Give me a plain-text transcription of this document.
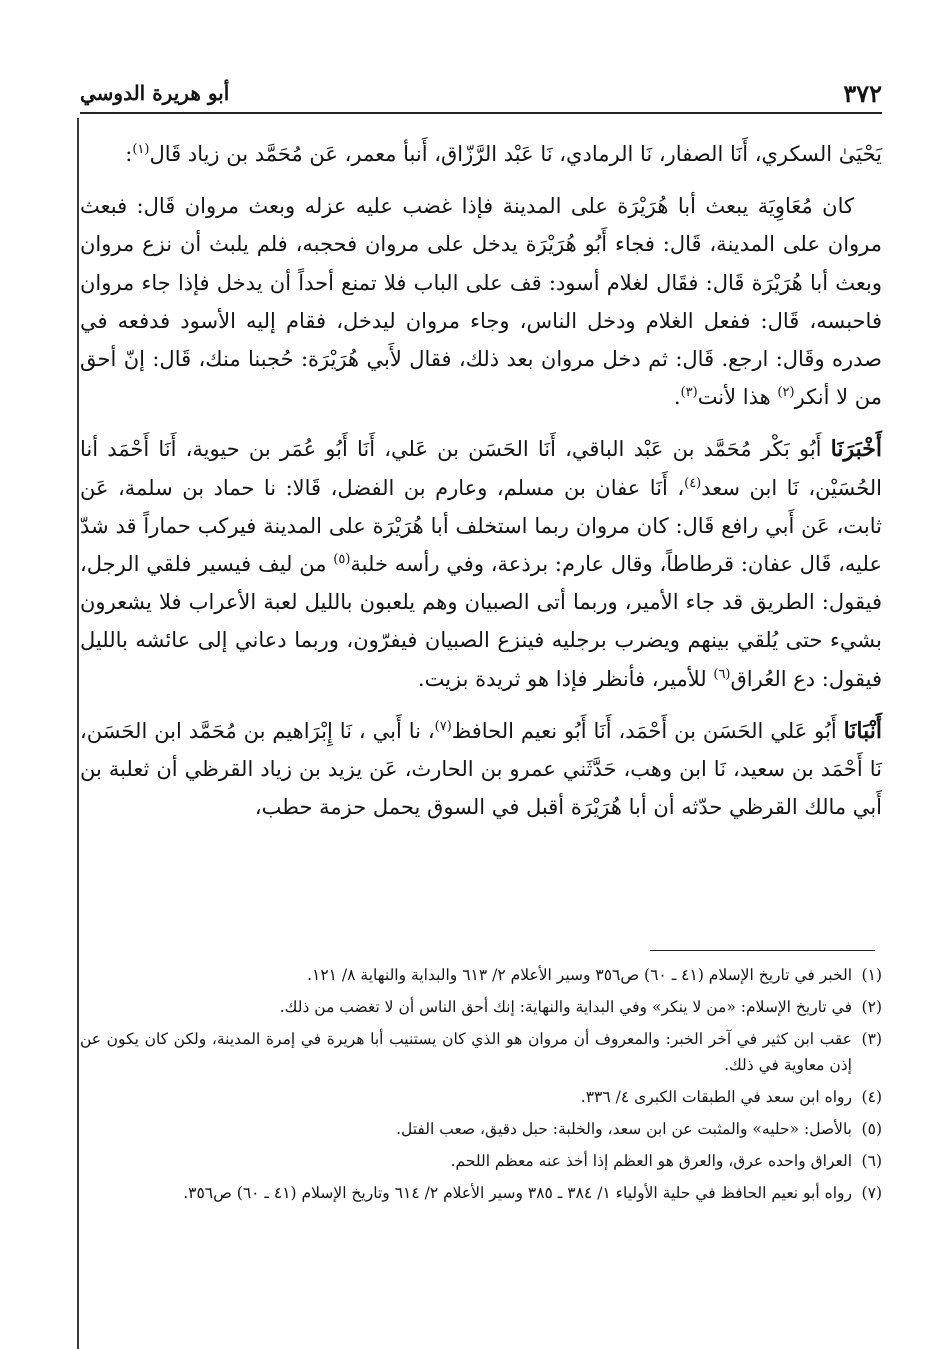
٣٧٢
أبو هريرة الدوسي

يَحْيَىٰ السكري، أَنَا الصفار، نَا الرمادي، نَا عَبْد الرَّزّاق، أَنبأ معمر، عَن مُحَمَّد بن زياد قَال$^{(١)}$:

كان مُعَاوِيَة يبعث أبا هُرَيْرَة على المدينة فإذا غضب عليه عزله وبعث مروان قَال: فبعث مروان على المدينة، قَال: فجاء أَبُو هُرَيْرَة يدخل على مروان فحجبه، فلم يلبث أن نزع مروان وبعث أبا هُرَيْرَة قَال: فقَال لغلام أسود: قف على الباب فلا تمنع أحداً أن يدخل فإذا جاء مروان فاحبسه، قَال: ففعل الغلام ودخل الناس، وجاء مروان ليدخل، فقام إليه الأسود فدفعه في صدره وقَال: ارجع. قَال: ثم دخل مروان بعد ذلك، فقال لأَبي هُرَيْرَة: حُجبنا منك، قَال: إنّ أحق من لا أنكر$^{(٢)}$ هذا لأنت$^{(٣)}$.

أَخْبَرَنَا أَبُو بَكْر مُحَمَّد بن عَبْد الباقي، أَنَا الحَسَن بن عَلي، أَنَا أَبُو عُمَر بن حيوية، أَنَا أَحْمَد أنا الحُسَيْن، نَا ابن سعد$^{(٤)}$، أَنَا عفان بن مسلم، وعارم بن الفضل، قَالا: نا حماد بن سلمة، عَن ثابت، عَن أَبي رافع قَال: كان مروان ربما استخلف أبا هُرَيْرَة على المدينة فيركب حماراً قد شدّ عليه، قَال عفان: قرطاطاً، وقال عارم: برذعة، وفي رأسه خلبة$^{(٥)}$ من ليف فيسير فلقي الرجل، فيقول: الطريق قد جاء الأمير، وربما أتى الصبيان وهم يلعبون بالليل لعبة الأعراب فلا يشعرون بشيء حتى يُلقي بينهم ويضرب برجليه فينزع الصبيان فيفرّون، وربما دعاني إلى عائشه بالليل فيقول: دع العُراق$^{(٦)}$ للأمير، فأنظر فإذا هو ثريدة بزيت.

أَنْبَانَا أَبُو عَلي الحَسَن بن أَحْمَد، أَنَا أَبُو نعيم الحافظ$^{(٧)}$، نا أَبي ، نَا إِبْرَاهيم بن مُحَمَّد ابن الحَسَن، نَا أَحْمَد بن سعيد، نَا ابن وهب، حَدَّثَني عمرو بن الحارث، عَن يزيد بن زياد القرظي أن ثعلبة بن أَبي مالك القرظي حدّثه أن أبا هُرَيْرَة أقبل في السوق يحمل حزمة حطب،

(١)
الخبر في تاريخ الإسلام (٤١ ـ ٦٠) ص٣٥٦ وسير الأعلام ٢/ ٦١٣ والبداية والنهاية ٨/ ١٢١.
(٢)
في تاريخ الإسلام: «من لا ينكر» وفي البداية والنهاية: إنك أحق الناس أن لا تغضب من ذلك.
(٣)
عقب ابن كثير في آخر الخبر: والمعروف أن مروان هو الذي كان يستنيب أبا هريرة في إمرة المدينة، ولكن كان يكون عن إذن معاوية في ذلك.
(٤)
رواه ابن سعد في الطبقات الكبرى ٤/ ٣٣٦.
(٥)
بالأصل: «حليه» والمثبت عن ابن سعد، والخلبة: حبل دقيق، صعب الفتل.
(٦)
العراق واحده عرق، والعرق هو العظم إذا أخذ عنه معظم اللحم.
(٧)
رواه أبو نعيم الحافظ في حلية الأولياء ١/ ٣٨٤ ـ ٣٨٥ وسير الأعلام ٢/ ٦١٤ وتاريخ الإسلام (٤١ ـ ٦٠) ص٣٥٦.
